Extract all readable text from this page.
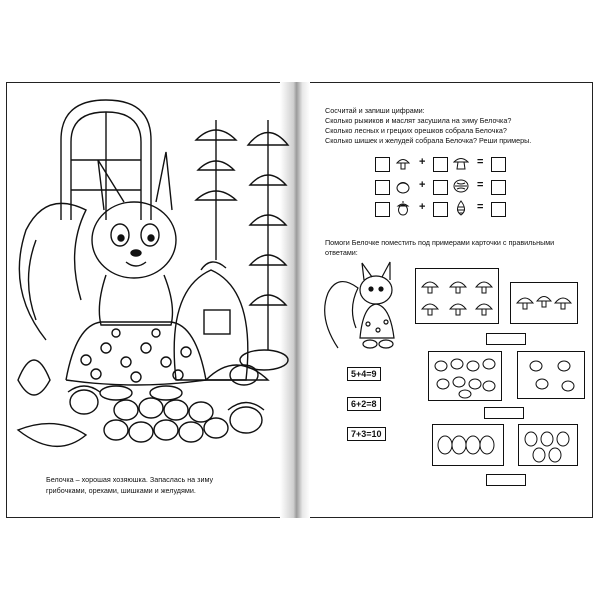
Белочка – хорошая хозяюшка. Запаслась на зиму
грибочками, орехами, шишками и желудями.
Сосчитай и запиши цифрами:
Сколько рыжиков и маслят засушила на зиму Белочка?
Сколько лесных и грецких орешков собрала Белочка?
Сколько шишек и желудей собрала Белочка? Реши примеры.
+	=
+	=
+	=
Помоги Белочке поместить под примерами карточки с правильными
ответами:
5+4=9
6+2=8
7+3=10
